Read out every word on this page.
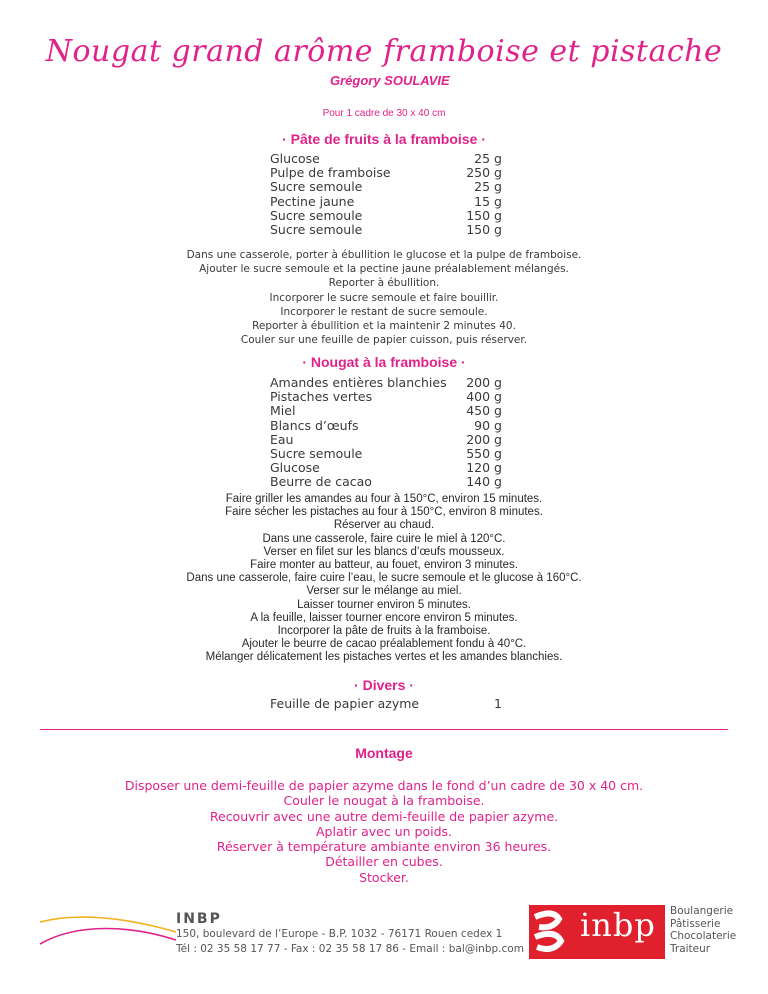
Nougat grand arôme framboise et pistache
Grégory SOULAVIE
Pour 1 cadre de 30 x 40 cm
· Pâte de fruits à la framboise ·
Glucose	25 g
Pulpe de framboise	250 g
Sucre semoule	25 g
Pectine jaune	15 g
Sucre semoule	150 g
Sucre semoule	150 g
Dans une casserole, porter à ébullition le glucose et la pulpe de framboise.
Ajouter le sucre semoule et la pectine jaune préalablement mélangés.
Reporter à ébullition.
Incorporer le sucre semoule et faire bouillir.
Incorporer le restant de sucre semoule.
Reporter à ébullition et la maintenir 2 minutes 40.
Couler sur une feuille de papier cuisson, puis réserver.
· Nougat à la framboise ·
Amandes entières blanchies 200 g
Pistaches vertes	400 g
Miel	450 g
Blancs d’œufs	90 g
Eau	200 g
Sucre semoule	550 g
Glucose	120 g
Beurre de cacao	140 g
Faire griller les amandes au four à 150°C, environ 15 minutes.
Faire sécher les pistaches au four à 150°C, environ 8 minutes.
Réserver au chaud.
Dans une casserole, faire cuire le miel à 120°C.
Verser en filet sur les blancs d’œufs mousseux.
Faire monter au batteur, au fouet, environ 3 minutes.
Dans une casserole, faire cuire l’eau, le sucre semoule et le glucose à 160°C.
Verser sur le mélange au miel.
Laisser tourner environ 5 minutes.
A la feuille, laisser tourner encore environ 5 minutes.
Incorporer la pâte de fruits à la framboise.
Ajouter le beurre de cacao préalablement fondu à 40°C.
Mélanger délicatement les pistaches vertes et les amandes blanchies.
· Divers ·
Feuille de papier azyme	1
Montage
Disposer une demi-feuille de papier azyme dans le fond d’un cadre de 30 x 40 cm.
Couler le nougat à la framboise.
Recouvrir avec une autre demi-feuille de papier azyme.
Aplatir avec un poids.
Réserver à température ambiante environ 36 heures.
Détailler en cubes.
Stocker.
INBP
150, boulevard de l’Europe - B.P. 1032 - 76171 Rouen cedex 1
Tél : 02 35 58 17 77 - Fax : 02 35 58 17 86 - Email : bal@inbp.com
inbp Boulangerie
Pâtisserie
Chocolaterie
Traiteur
